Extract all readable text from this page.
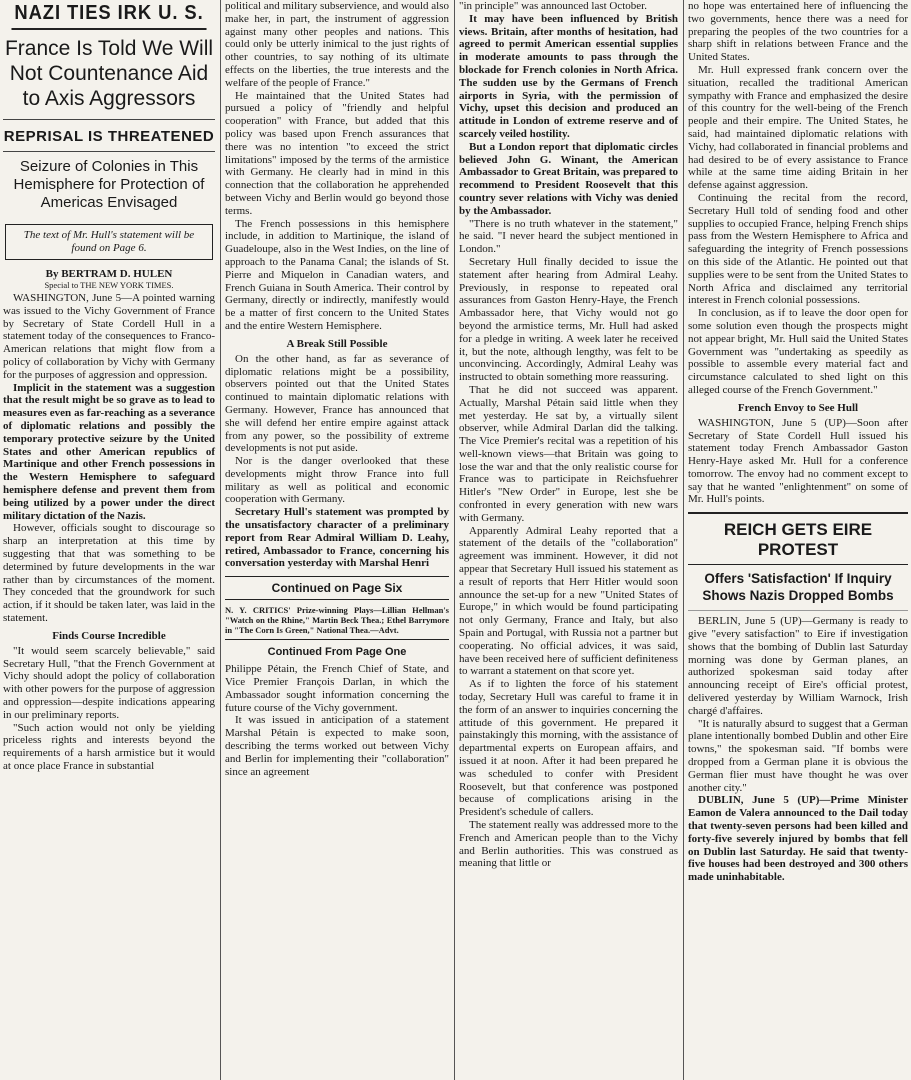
NAZI TIES IRK U. S.
France Is Told We Will Not Countenance Aid to Axis Aggressors
REPRISAL IS THREATENED
Seizure of Colonies in This Hemisphere for Protection of Americas Envisaged
The text of Mr. Hull's statement will be found on Page 6.
By BERTRAM D. HULEN
Special to THE NEW YORK TIMES.

WASHINGTON, June 5—A pointed warning was issued to the Vichy Government of France by Secretary of State Cordell Hull in a statement today of the consequences to Franco-American relations that might flow from a policy of collaboration by Vichy with Germany for the purposes of aggression and oppression.

Implicit in the statement was a suggestion that the result might be so grave as to lead to measures even as far-reaching as a severance of diplomatic relations and possibly the temporary protective seizure by the United States and other American republics of Martinique and other French possessions in the Western Hemisphere to safeguard hemisphere defense and prevent them from being utilized by a power under the direct military dictation of the Nazis.

However, officials sought to discourage so sharp an interpretation at this time by suggesting that that was something to be determined by future developments in the war rather than by circumstances of the moment. They conceded that the groundwork for such action, if it should be taken later, was laid in the statement.

Finds Course Incredible

"It would seem scarcely believable," said Secretary Hull, "that the French Government at Vichy should adopt the policy of collaboration with other powers for the purpose of aggression and oppression—despite indications appearing in our preliminary reports.

"Such action would not only be yielding priceless rights and interests beyond the requirements of a harsh armistice but it would at once place France in substantial

political and military subservience, and would also make her, in part, the instrument of aggression against many other peoples and nations. This could only be utterly inimical to the just rights of other countries, to say nothing of its ultimate effects on the liberties, the true interests and the welfare of the people of France."

He maintained that the United States had pursued a policy of "friendly and helpful cooperation" with France, but added that this policy was based upon French assurances that there was no intention "to exceed the strict limitations" imposed by the terms of the armistice with Germany. He clearly had in mind in this connection that the collaboration he apprehended between Vichy and Berlin would go beyond those terms.

The French possessions in this hemisphere include, in addition to Martinique, the island of Guadeloupe, also in the West Indies, on the line of approach to the Panama Canal; the islands of St. Pierre and Miquelon in Canadian waters, and French Guiana in South America. Their control by Germany, directly or indirectly, manifestly would be a matter of first concern to the United States and the entire Western Hemisphere.

A Break Still Possible

On the other hand, as far as severance of diplomatic relations might be a possibility, observers pointed out that the United States continued to maintain diplomatic relations with Germany. However, France has announced that she will defend her entire empire against attack from any power, so the possibility of extreme developments is not put aside.

Nor is the danger overlooked that these developments might throw France into full military as well as political and economic cooperation with Germany.

Secretary Hull's statement was prompted by the unsatisfactory character of a preliminary report from Rear Admiral William D. Leahy, retired, Ambassador to France, concerning his conversation yesterday with Marshal Henri

Continued on Page Six
N. Y. CRITICS' Prize-winning Plays—Lillian Hellman's "Watch on the Rhine," Martin Beck Thea.; Ethel Barrymore in "The Corn Is Green," National Thea.—Advt.
Continued From Page One

Philippe Pétain, the French Chief of State, and Vice Premier François Darlan, in which the Ambassador sought information concerning the future course of the Vichy government.

It was issued in anticipation of a statement Marshal Pétain is expected to make soon, describing the terms worked out between Vichy and Berlin for implementing their "collaboration" since an agreement

"in principle" was announced last October.

It may have been influenced by British views. Britain, after months of hesitation, had agreed to permit American essential supplies in moderate amounts to pass through the blockade for French colonies in North Africa. The sudden use by the Germans of French airports in Syria, with the permission of Vichy, upset this decision and produced an attitude in London of extreme reserve and of scarcely veiled hostility.

But a London report that diplomatic circles believed John G. Winant, the American Ambassador to Great Britain, was prepared to recommend to President Roosevelt that this country sever relations with Vichy was denied by the Ambassador.

"There is no truth whatever in the statement," he said. "I never heard the subject mentioned in London."

Secretary Hull finally decided to issue the statement after hearing from Admiral Leahy. Previously, in response to repeated oral assurances from Gaston Henry-Haye, the French Ambassador here, that Vichy would not go beyond the armistice terms, Mr. Hull had asked for a pledge in writing. A week later he received it, but the note, although lengthy, was felt to be unconvincing. Accordingly, Admiral Leahy was instructed to obtain something more reassuring.

That he did not succeed was apparent. Actually, Marshal Pétain said little when they met yesterday. He sat by, a virtually silent observer, while Admiral Darlan did the talking. The Vice Premier's recital was a repetition of his well-known views—that Britain was going to lose the war and that the only realistic course for France was to participate in Reichsfuehrer Hitler's "New Order" in Europe, lest she be confronted in every generation with new wars with Germany.

Apparently Admiral Leahy reported that a statement of the details of the "collaboration" agreement was imminent. However, it did not appear that Secretary Hull issued his statement as a result of reports that Herr Hitler would soon announce the set-up for a new "United States of Europe," in which would be found participating not only Germany, France and Italy, but also Spain and Portugal, with Russia not a partner but cooperating. No official advices, it was said, have been received here of sufficient definiteness to warrant a statement on that score yet.

As if to lighten the force of his statement today, Secretary Hull was careful to frame it in the form of an answer to inquiries concerning the attitude of this government. He prepared it painstakingly this morning, with the assistance of departmental experts on European affairs, and issued it at noon. After it had been prepared he was scheduled to confer with President Roosevelt, but that conference was postponed because of complications arising in the President's schedule of callers.

The statement really was addressed more to the French and American people than to the Vichy and Berlin authorities. This was construed as meaning that little or

no hope was entertained here of influencing the two governments, hence there was a need for preparing the peoples of the two countries for a sharp shift in relations between France and the United States.

Mr. Hull expressed frank concern over the situation, recalled the traditional American sympathy with France and emphasized the desire of this country for the well-being of the French people and their empire. The United States, he said, had maintained diplomatic relations with Vichy, had collaborated in financial problems and had desired to be of every assistance to France while at the same time aiding Britain in her defense against aggression.

Continuing the recital from the record, Secretary Hull told of sending food and other supplies to occupied France, helping French ships pass from the Western Hemisphere to Africa and safeguarding the integrity of French possessions on this side of the Atlantic. He pointed out that supplies were to be sent from the United States to North Africa and disclaimed any territorial interest in French colonial possessions.

In conclusion, as if to leave the door open for some solution even though the prospects might not appear bright, Mr. Hull said the United States Government was "undertaking as speedily as possible to assemble every material fact and circumstance calculated to shed light on this alleged course of the French Government."

French Envoy to See Hull

WASHINGTON, June 5 (UP)—Soon after Secretary of State Cordell Hull issued his statement today French Ambassador Gaston Henry-Haye asked Mr. Hull for a conference tomorrow. The envoy had no comment except to say that he wanted "enlightenment" on some of Mr. Hull's points.

REICH GETS EIRE PROTEST
Offers 'Satisfaction' If Inquiry Shows Nazis Dropped Bombs

BERLIN, June 5 (UP)—Germany is ready to give "every satisfaction" to Eire if investigation shows that the bombing of Dublin last Saturday morning was done by German planes, an authorized spokesman said today after announcing receipt of Eire's official protest, delivered yesterday by William Warnock, Irish chargé d'affaires.

"It is naturally absurd to suggest that a German plane intentionally bombed Dublin and other Eire towns," the spokesman said. "If bombs were dropped from a German plane it is obvious the German flier must have thought he was over another city."

DUBLIN, June 5 (UP)—Prime Minister Eamon de Valera announced to the Dail today that twenty-seven persons had been killed and forty-five severely injured by bombs that fell on Dublin last Saturday. He said that twenty-five houses had been destroyed and 300 others made uninhabitable.
